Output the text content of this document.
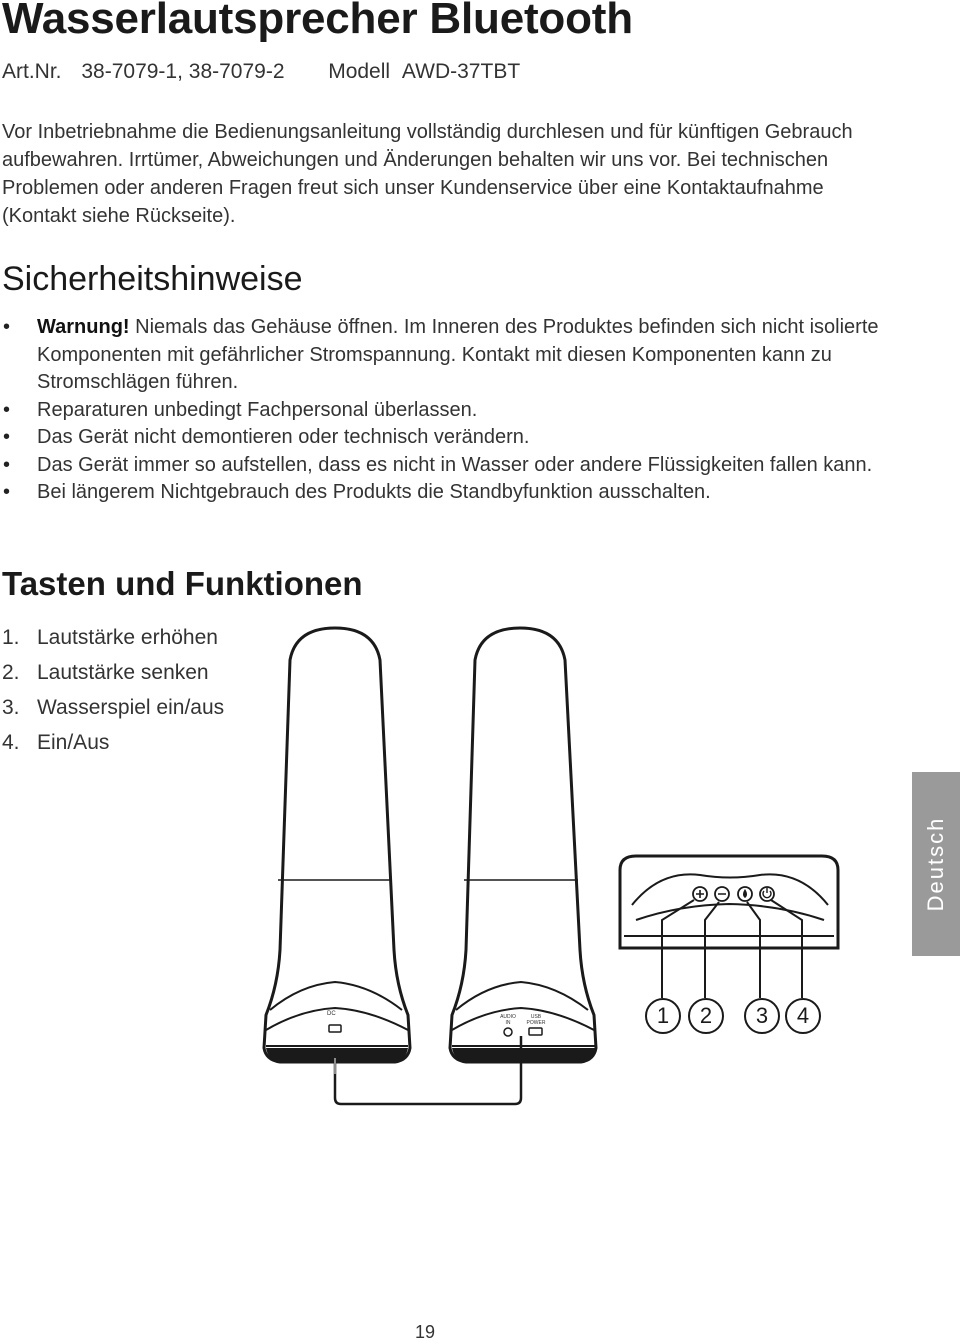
Wasserlautsprecher Bluetooth
Art.Nr. 38-7079-1, 38-7079-2 Modell AWD-37TBT

Vor Inbetriebnahme die Bedienungsanleitung vollständig durchlesen und für künftigen Gebrauch aufbewahren. Irrtümer, Abweichungen und Änderungen behalten wir uns vor. Bei technischen Problemen oder anderen Fragen freut sich unser Kundenservice über eine Kontaktaufnahme (Kontakt siehe Rückseite).

Sicherheitshinweise
• Warnung! Niemals das Gehäuse öffnen. Im Inneren des Produktes befinden sich nicht isolierte Komponenten mit gefährlicher Stromspannung. Kontakt mit diesen Komponenten kann zu Stromschlägen führen.
• Reparaturen unbedingt Fachpersonal überlassen.
• Das Gerät nicht demontieren oder technisch verändern.
• Das Gerät immer so aufstellen, dass es nicht in Wasser oder andere Flüssigkeiten fallen kann.
• Bei längerem Nichtgebrauch des Produkts die Standbyfunktion ausschalten.
Tasten und Funktionen
1. Lautstärke erhöhen
2. Lautstärke senken
3. Wasserspiel ein/aus
4. Ein/Aus
1	2	3	4
DC	AUDIO IN
USB POWER
Deutsch
19
